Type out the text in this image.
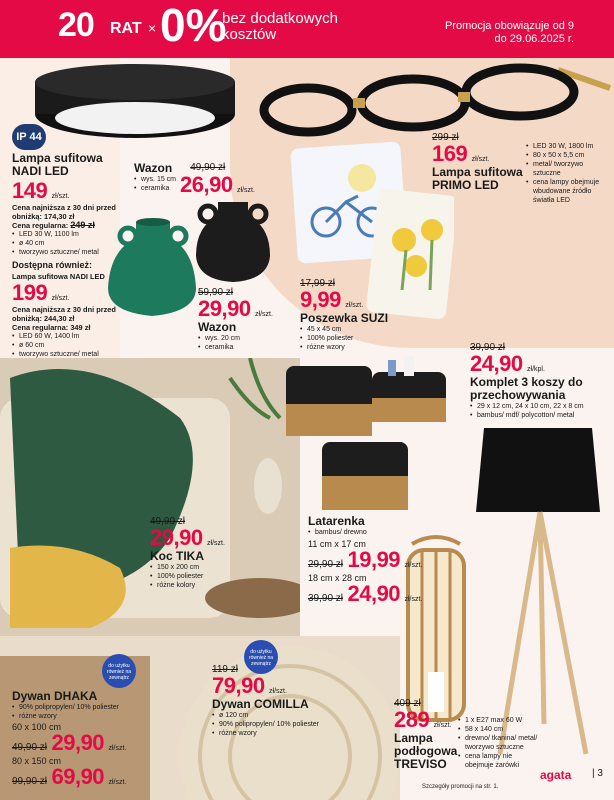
20 RAT × 0%
bez dodatkowych kosztów	Promocja obowiązuje od 9 do 29.06.2025 r.
IP 44
Lampa sufitowa NADI LED
149 zł/szt.
Cena najniższa z 30 dni przed obniżką: 174,30 zł
Cena regularna: 249 zł
• LED 30 W, 1100 lm
• ø 40 cm
• tworzywo sztuczne/ metal
Dostępna również:
Lampa sufitowa NADI LED
199 zł/szt.
Cena najniższa z 30 dni przed obniżką: 244,30 zł
Cena regularna: 349 zł
• LED 60 W, 1400 lm
• ø 60 cm
• tworzywo sztuczne/ metal
Wazon 49,90 zł
• wys. 15 cm
• ceramika 26,90 zł/szt.
59,90 zł
29,90 zł/szt.
Wazon
• wys. 20 cm
• ceramika
299 zł
169 zł/szt.
Lampa sufitowa PRIMO LED
• LED 30 W, 1800 lm
• 80 x 50 x 5,5 cm
• metal/ tworzywo sztuczne
• cena lampy obejmuje wbudowane źródło światła LED
17,99 zł
9,99 zł/szt.
Poszewka SUZI
• 45 x 45 cm
• 100% poliester
• różne wzory
49,90 zł
29,90 zł/szt.
Koc TIKA
• 150 x 200 cm
• 100% poliester
• różne kolory
39,90 zł
24,90 zł/kpl.
Komplet 3 koszy do przechowywania
• 29 x 12 cm, 24 x 10 cm, 22 x 8 cm
• bambus/ mdf/ polycotton/ metal
Latarenka
• bambus/ drewno
11 cm x 17 cm
29,90 zł 19,99 zł/szt.
18 cm x 28 cm
39,90 zł 24,90 zł/szt.
do użytku również na zewnątrz
do użytku również na zewnątrz
Dywan DHAKA
• 90% polipropylen/ 10% poliester
• różne wzory
60 x 100 cm
49,90 zł 29,90 zł/szt.
80 x 150 cm
99,90 zł 69,90 zł/szt.
119 zł
79,90 zł/szt.
Dywan COMILLA
• ø 120 cm
• 90% polipropylen/ 10% poliester
• różne wzory
409 zł
289 zł/szt.
Lampa podłogowa TREVISO
• 1 x E27 max 60 W
• 58 x 140 cm
• drewno/ tkanina/ metal/ tworzywo sztuczne
• cena lampy nie obejmuje żarówki
Szczegóły promocji na str. 1.
agata | 3
